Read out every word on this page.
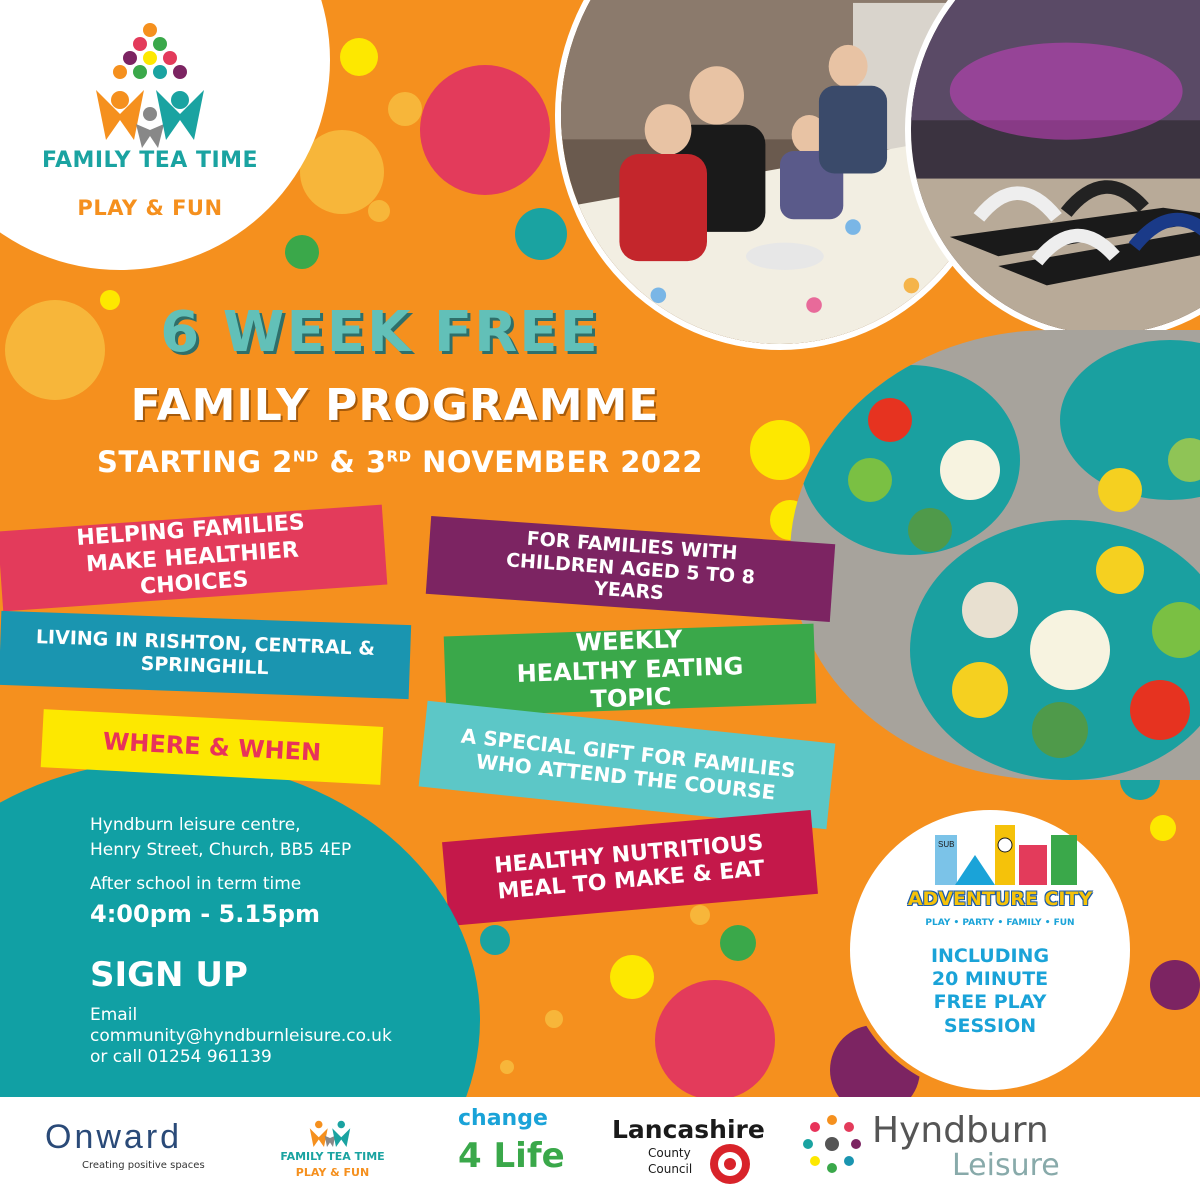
FAMILY TEA TIME
PLAY & FUN
6 WEEK FREE
FAMILY PROGRAMME
STARTING 2ND & 3RD NOVEMBER 2022
HELPING FAMILIES MAKE HEALTHIER CHOICES
FOR FAMILIES WITH CHILDREN AGED 5 TO 8 YEARS
LIVING IN RISHTON, CENTRAL & SPRINGHILL
WEEKLY HEALTHY EATING TOPIC
A SPECIAL GIFT FOR FAMILIES WHO ATTEND THE COURSE
HEALTHY NUTRITIOUS MEAL TO MAKE & EAT
WHERE & WHEN
Hyndburn leisure centre,
Henry Street, Church, BB5 4EP
After school in term time
4:00pm - 5.15pm
SIGN UP
Email
community@hyndburnleisure.co.uk
or call 01254 961139
SUB
ADVENTURE CITY
PLAY • PARTY • FAMILY • FUN
INCLUDING
20 MINUTE
FREE PLAY SESSION
Onward
Creating positive spaces
FAMILY TEA TIME
PLAY & FUN
change
4 Life
Lancashire
County
Council
Hyndburn
Leisure
